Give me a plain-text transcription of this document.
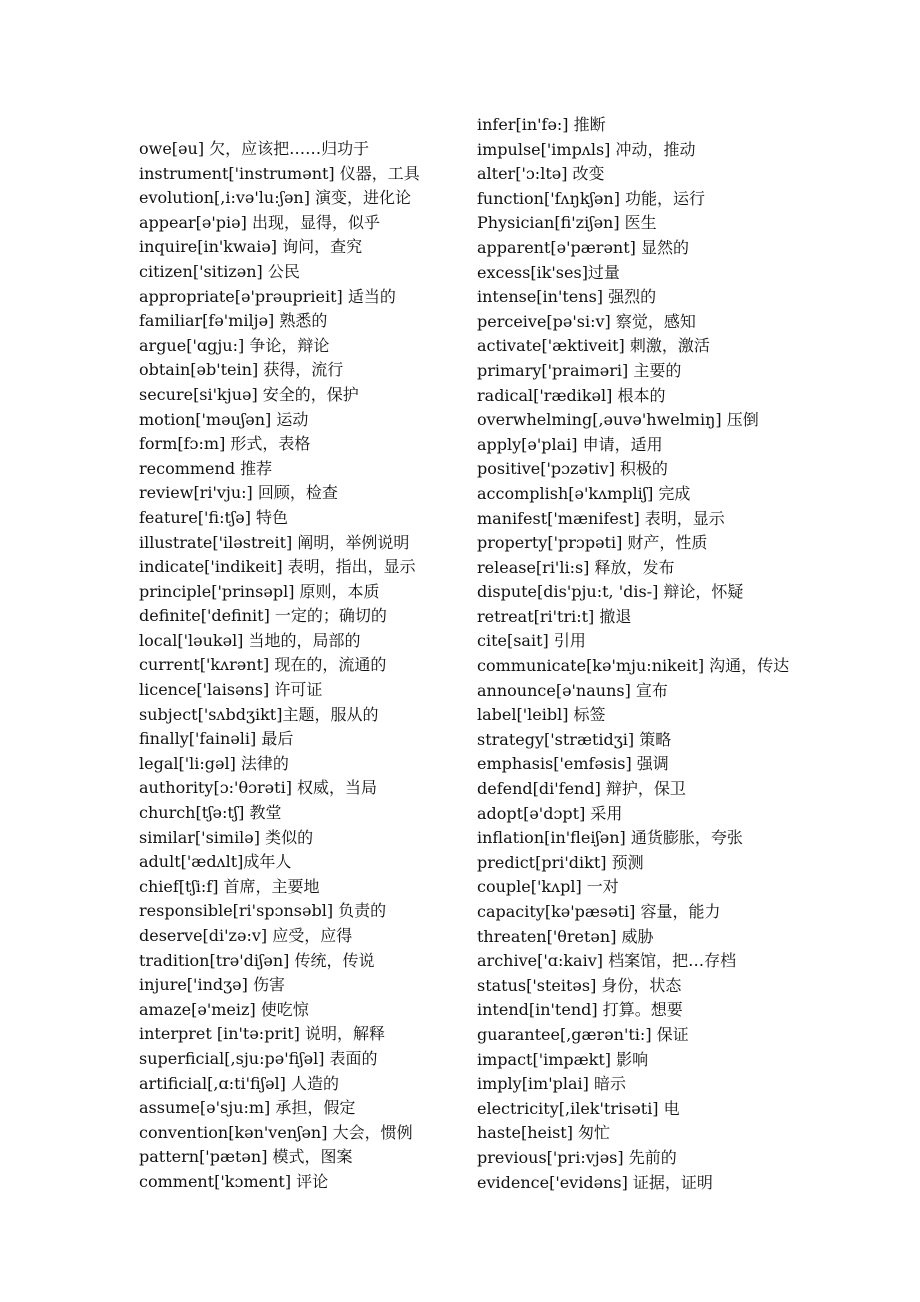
owe[əu] 欠，应该把……归功于
instrument['instrumənt] 仪器，工具
evolution[,i:və'lu:ʃən] 演变，进化论
appear[ə'piə] 出现，显得，似乎
inquire[in'kwaiə] 询问，查究
citizen['sitizən] 公民
appropriate[ə'prəuprieit] 适当的
familiar[fə'miljə] 熟悉的
argue['ɑgju:] 争论，辩论
obtain[əb'tein] 获得，流行
secure[si'kjuə] 安全的，保护
motion['məuʃən] 运动
form[fɔ:m] 形式，表格
recommend 推荐
review[ri'vju:] 回顾，检查
feature['fi:tʃə] 特色
illustrate['iləstreit] 阐明，举例说明
indicate['indikeit] 表明，指出，显示
principle['prinsəpl] 原则，本质
definite['definit] 一定的；确切的
local['ləukəl] 当地的，局部的
current['kʌrənt] 现在的，流通的
licence['laisəns] 许可证
subject['sʌbdʒikt]主题，服从的
finally['fainəli] 最后
legal['li:gəl] 法律的
authority[ɔ:'θɔrəti] 权威，当局
church[tʃə:tʃ] 教堂
similar['similə] 类似的
adult['ædʌlt]成年人
chief[tʃi:f] 首席，主要地
responsible[ri'spɔnsəbl] 负责的
deserve[di'zə:v] 应受，应得
tradition[trə'diʃən] 传统，传说
injure['indʒə] 伤害
amaze[ə'meiz] 使吃惊
interpret [in'tə:prit] 说明，解释
superficial[,sju:pə'fiʃəl] 表面的
artificial[,ɑ:ti'fiʃəl] 人造的
assume[ə'sju:m] 承担，假定
convention[kən'venʃən] 大会，惯例
pattern['pætən] 模式，图案
comment['kɔment] 评论
infer[in'fə:] 推断
impulse['impʌls] 冲动，推动
alter['ɔ:ltə] 改变
function['fʌŋkʃən] 功能，运行
Physician[fi'ziʃən] 医生
apparent[ə'pærənt] 显然的
excess[ik'ses]过量
intense[in'tens] 强烈的
perceive[pə'si:v] 察觉，感知
activate['æktiveit] 刺激，激活
primary['praiməri] 主要的
radical['rædikəl] 根本的
overwhelming[,əuvə'hwelmiŋ] 压倒
apply[ə'plai] 申请，适用
positive['pɔzətiv] 积极的
accomplish[ə'kʌmpliʃ] 完成
manifest['mænifest] 表明，显示
property['prɔpəti] 财产，性质
release[ri'li:s] 释放，发布
dispute[dis'pju:t, 'dis-] 辩论，怀疑
retreat[ri'tri:t] 撤退
cite[sait] 引用
communicate[kə'mju:nikeit] 沟通，传达
announce[ə'nauns] 宣布
label['leibl] 标签
strategy['strætidʒi] 策略
emphasis['emfəsis] 强调
defend[di'fend] 辩护，保卫
adopt[ə'dɔpt] 采用
inflation[in'fleiʃən] 通货膨胀，夸张
predict[pri'dikt] 预测
couple['kʌpl] 一对
capacity[kə'pæsəti] 容量，能力
threaten['θretən] 威胁
archive['ɑ:kaiv] 档案馆，把…存档
status['steitəs] 身份，状态
intend[in'tend] 打算。想要
guarantee[,gærən'ti:] 保证
impact['impækt] 影响
imply[im'plai] 暗示
electricity[,ilek'trisəti] 电
haste[heist] 匆忙
previous['pri:vjəs] 先前的
evidence['evidəns] 证据，证明
